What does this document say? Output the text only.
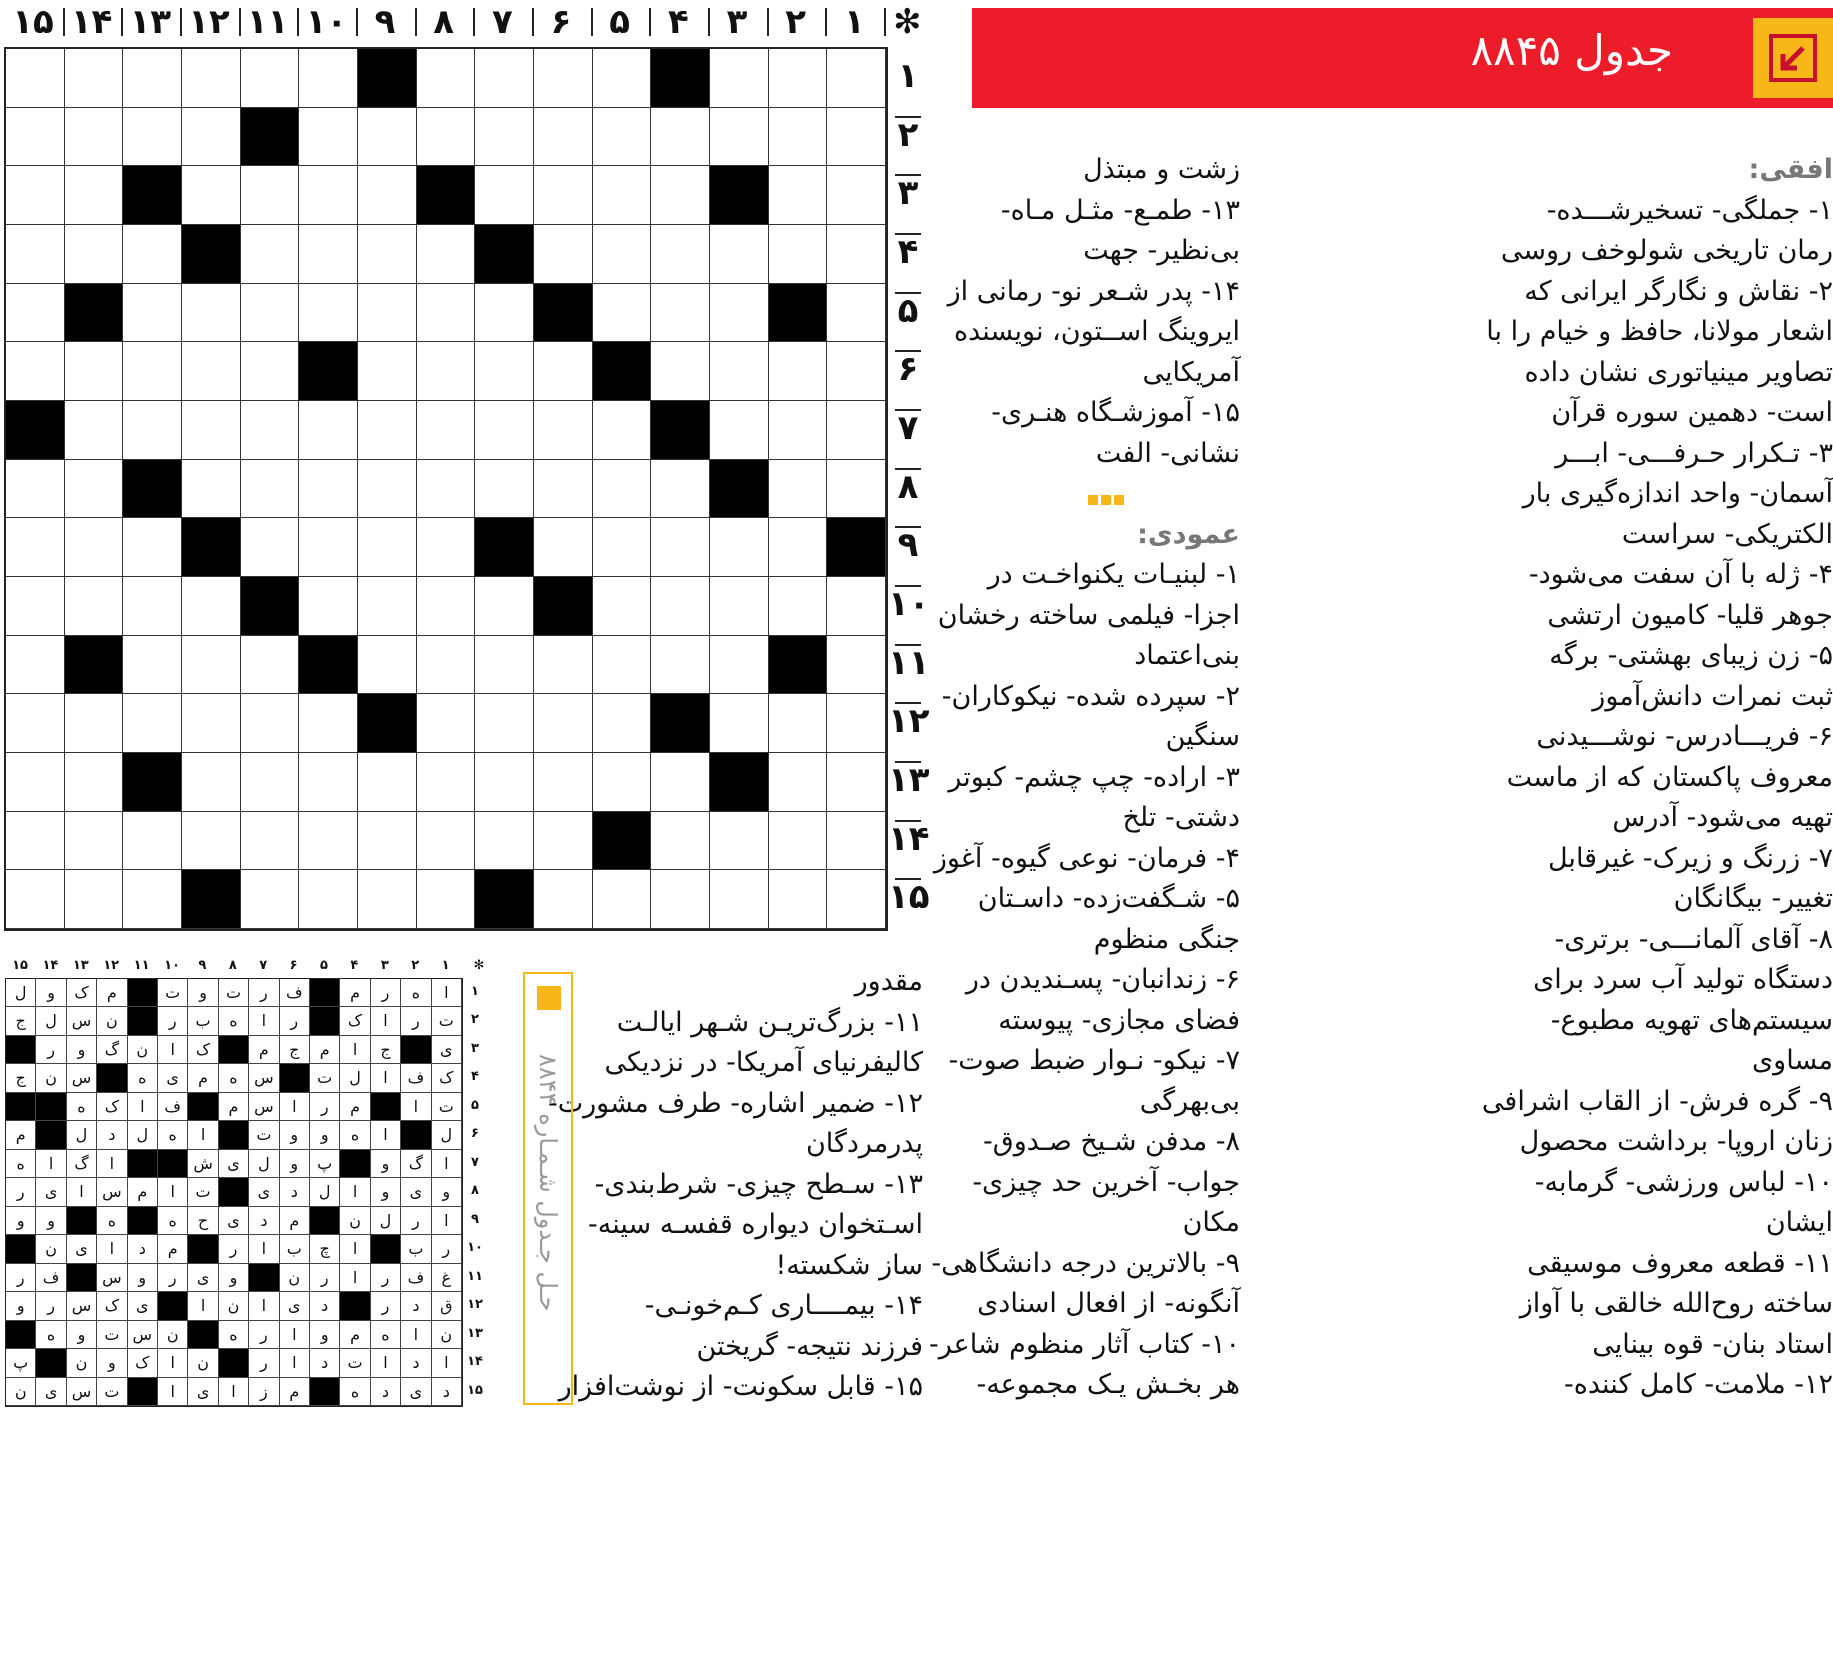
۱
۲
۳
۴
۵
۶
۷
۸
۹
۱۰
۱۱
۱۲
۱۳
۱۴
۱۵	✻
۱
۲
۳
۴
۵
۶
۷
۸
۹
۱۰
۱۱
۱۲
۱۳
۱۴
۱۵
جدول ۸۸۴۵
افقی:
۱- جملگی- تسخیرشـــده-
رمان تاریخی شولوخف روسی
۲- نقاش و نگارگر ایرانی که
اشعار مولانا، حافظ و خیام را با
تصاویر مینیاتوری نشان داده
است- دهمین سوره قرآن
۳- تـکرار حـرفـــی- ابـــر
آسمان- واحد اندازه‌گیری بار
الکتریکی- سراست
۴- ژله با آن سفت می‌شود-
جوهر قلیا- کامیون ارتشی
۵- زن زیبای بهشتی- برگه
ثبت نمرات دانش‌آموز
۶- فریـــادرس- نوشـــیدنی
معروف پاکستان که از ماست
تهیه می‌شود- آدرس
۷- زرنگ و زیرک- غیرقابل
تغییر- بیگانگان
۸- آقای آلمانـــی- برتری-
دستگاه تولید آب سرد برای
سیستم‌های تهویه مطبوع-
مساوی
۹- گره فرش- از القاب اشرافی
زنان اروپا- برداشت محصول
۱۰- لباس ورزشی- گرمابه-
ایشان
۱۱- قطعه معروف موسیقی
ساخته روح‌الله خالقی با آواز
استاد بنان- قوه بینایی
۱۲- ملامت- کامل کننده-
زشت و مبتذل
۱۳- طمـع- مثـل مـاه-
بی‌نظیر- جهت
۱۴- پدر شـعر نو- رمانی از
ایروینگ اســتون، نویسنده
آمریکایی
۱۵- آموزشـگاه هنـری-
نشانی- الفت
عمودی:
۱- لبنیـات یکنواخـت در
اجزا- فیلمی ساخته رخشان
بنی‌اعتماد
۲- سپرده شده- نیکوکاران-
سنگین
۳- اراده- چپ چشم- کبوتر
دشتی- تلخ
۴- فرمان- نوعی گیوه- آغوز
۵- شـگفت‌زده- داسـتان
جنگی منظوم
۶- زندانبان- پسـندیدن در
فضای مجازی- پیوسته
۷- نیکو- نـوار ضبط صوت-
بی‌بهرگی
۸- مدفن شـیخ صـدوق-
جواب- آخرین حد چیزی-
مکان
۹- بالاترین درجه دانشگاهی-
آنگونه- از افعال اسنادی
۱۰- کتاب آثار منظوم شاعر-
هر بخـش یـک مجموعه-
مقدور
۱۱- بزرگ‌تریـن شـهر ایالـت
کالیفرنیای آمریکا- در نزدیکی
۱۲- ضمیر اشاره- طرف مشورت-
پدرمردگان
۱۳- سـطح چیزی- شرط‌بندی-
اسـتخوان دیواره قفسـه سینه-
ساز شکسته!
۱۴- بیمــــاری کـم‌خونـی-
فرزند نتیجه- گریختن
۱۵- قابل سکونت- از نوشت‌افزار
۱
۲
۳
۴
۵
۶
۷
۸
۹
۱۰
۱۱
۱۲
۱۳
۱۴
۱۵	✻
ا
ه
ر
م
ف
ر
ت
و
ت
م
ک
و
ل
ت
ر
ا
ک
ر
ا
ه
ب
ر
ن
س
ل
ج
ی
ج
ا
م
ج
م
ک
ا
ن
گ
و
ر
ک
ف
ا
ل
ت
س
ه
م
ی
ه
س
ن
ج
ت
ا
م
ر
ا
س
م
ف
ا
ک
ه
ل
ا
ه
و
و
ت
ا
ه
ل
د
ل
م
ا
گ
و
پ
و
ل
ی
ش
ا
گ
ا
ه
و
ی
و
ا
ل
د
ی
ت
ا
م
س
ا
ی
ر
ا
ر
ل
ن
م
د
ی
ح
ه
ه
و
و
ر
ب
ا
چ
ب
ا
ر
م
د
ا
ی
ن
غ
ف
ر
ا
ر
ن
و
ی
ر
و
س
ف
ر
ق
د
ر
د
ی
ا
ن
ا
ی
ک
س
ر
و
ن
ا
ه
م
و
ا
ر
ه
ن
س
ت
و
ه
ا
د
ا
ت
د
ا
ر
ن
ا
ک
و
ن
پ
د
ی
د
ه
م
ز
ا
ی
ا
ت
س
ی
ن
۱
۲
۳
۴
۵
۶
۷
۸
۹
۱۰
۱۱
۱۲
۱۳
۱۴
۱۵
حـل جـدول شـمـاره ۸۸۴۴
